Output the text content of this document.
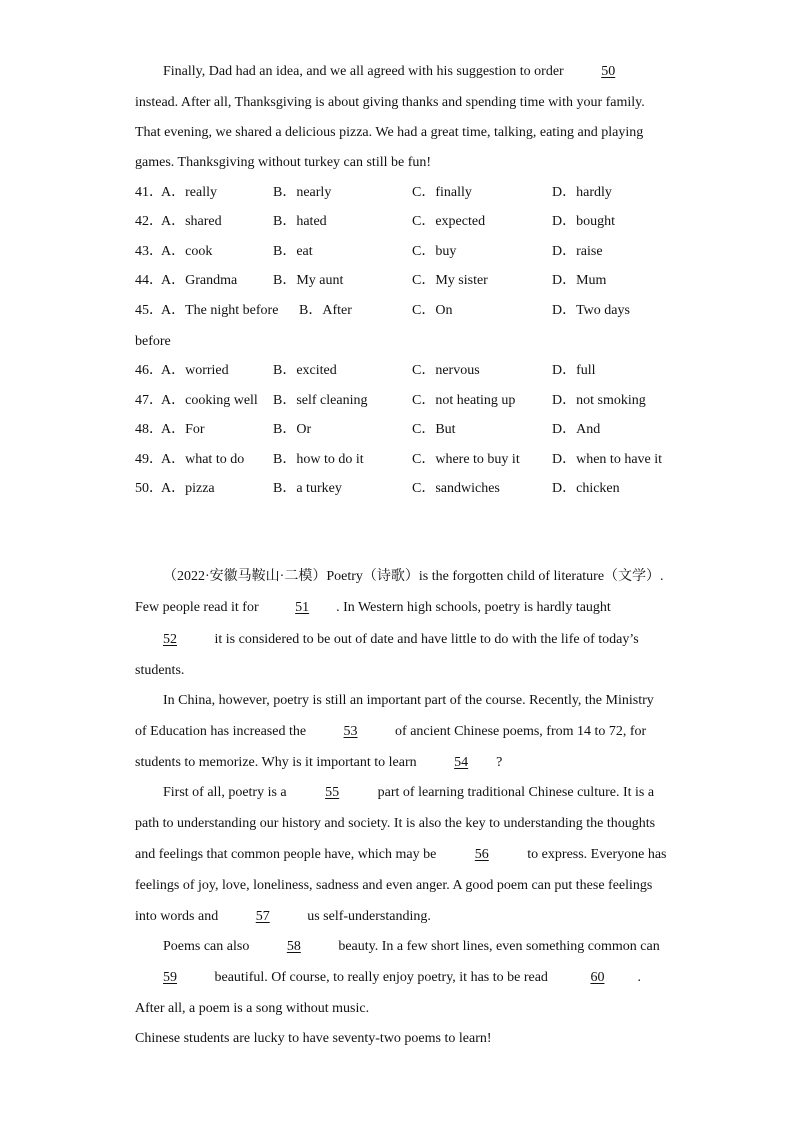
Finally, Dad had an idea, and we all agreed with his suggestion to order	50
instead. After all, Thanksgiving is about giving thanks and spending time with your family.
That evening, we shared a delicious pizza. We had a great time, talking, eating and playing
games. Thanksgiving without turkey can still be fun!
41．
A．really	B．nearly	C．finally	D．hardly
42．
A．shared	B．hated	C．expected	D．bought
43．
A．cook	B．eat	C．buy	D．raise
44．
A．Grandma	B．My aunt	C．My sister	D．Mum
45．
A．The night before B．After	C．On	D．Two days
before
46．
A．worried	B．excited	C．nervous	D．full
47．
A．cooking well B．self cleaning	C．not heating up	D．not smoking
48．
A．For	B．Or	C．But	D．And
49．
A．what to do B．how to do it	C．where to buy it D．when to have it
50．
A．pizza	B．a turkey	C．sandwiches	D．chicken
（2022·安徽马鞍山·二模）Poetry（诗歌）is the forgotten child of literature（文学）.
Few people read it for	51 . In Western high schools, poetry is hardly taught
52	it is considered to be out of date and have little to do with the life of today’s
students.
In China, however, poetry is still an important part of the course. Recently, the Ministry
of Education has increased the	53	of ancient Chinese poems, from 14 to 72, for
students to memorize. Why is it important to learn	54 ?
First of all, poetry is a	55	part of learning traditional Chinese culture. It is a
path to understanding our history and society. It is also the key to understanding the thoughts
and feelings that common people have, which may be	56	to express. Everyone has
feelings of joy, love, loneliness, sadness and even anger. A good poem can put these feelings
into words and	57	us self-understanding.
Poems can also	58	beauty. In a few short lines, even something common can
59	beautiful. Of course, to really enjoy poetry, it has to be read	60 .
After all, a poem is a song without music.
Chinese students are lucky to have seventy-two poems to learn!
